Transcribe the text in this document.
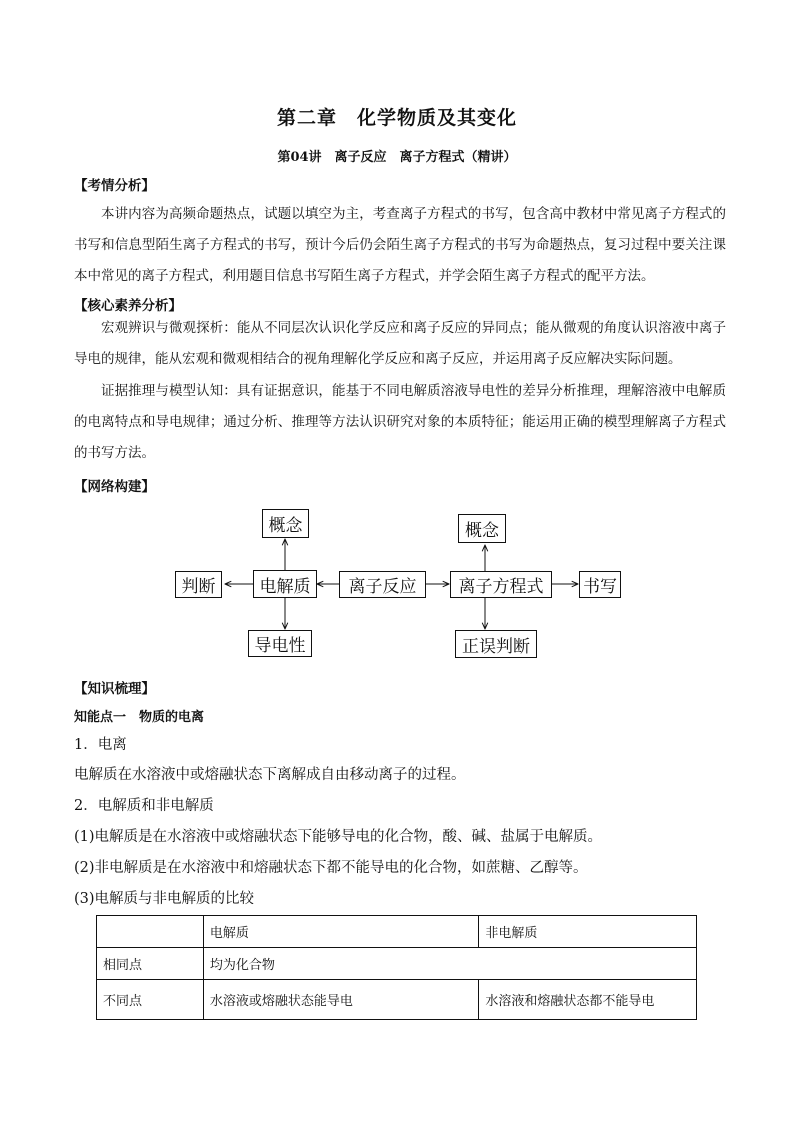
第二章　化学物质及其变化
第04讲　离子反应　离子方程式（精讲）
【考情分析】
本讲内容为高频命题热点，试题以填空为主，考查离子方程式的书写，包含高中教材中常见离子方程式的书写和信息型陌生离子方程式的书写，预计今后仍会陌生离子方程式的书写为命题热点，复习过程中要关注课本中常见的离子方程式，利用题目信息书写陌生离子方程式，并学会陌生离子方程式的配平方法。
【核心素养分析】
宏观辨识与微观探析：能从不同层次认识化学反应和离子反应的异同点；能从微观的角度认识溶液中离子导电的规律，能从宏观和微观相结合的视角理解化学反应和离子反应，并运用离子反应解决实际问题。
证据推理与模型认知：具有证据意识，能基于不同电解质溶液导电性的差异分析推理，理解溶液中电解质的电离特点和导电规律；通过分析、推理等方法认识研究对象的本质特征；能运用正确的模型理解离子方程式的书写方法。
【网络构建】
概念
判断	电解质
导电性
离子反应
概念
离子方程式	书写
正误判断
【知识梳理】
知能点一　物质的电离
1．电离
电解质在水溶液中或熔融状态下离解成自由移动离子的过程。
2．电解质和非电解质
(1)电解质是在水溶液中或熔融状态下能够导电的化合物，酸、碱、盐属于电解质。
(2)非电解质是在水溶液中和熔融状态下都不能导电的化合物，如蔗糖、乙醇等。
(3)电解质与非电解质的比较
	电解质	非电解质
相同点	均为化合物	
不同点	水溶液或熔融状态能导电	水溶液和熔融状态都不能导电
